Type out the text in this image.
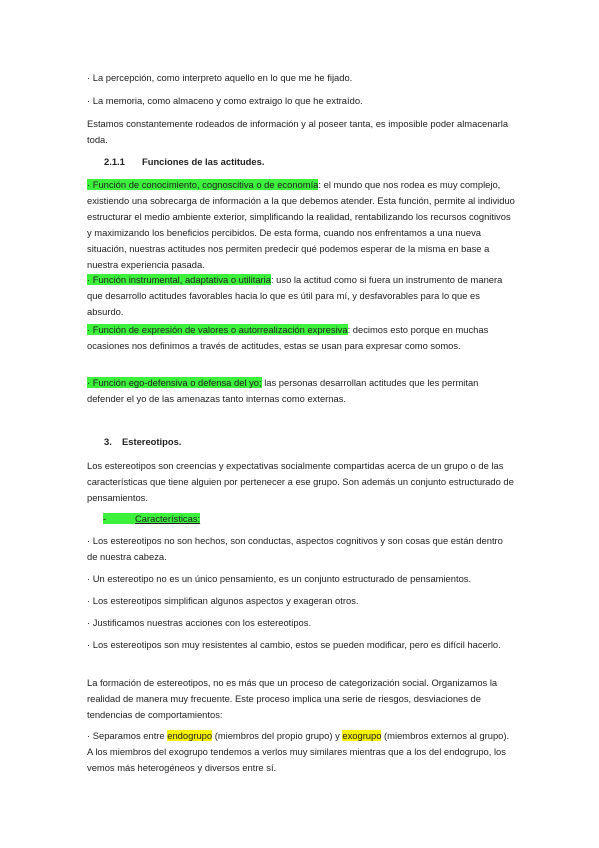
· La percepción, como interpreto aquello en lo que me he fijado.

· La memoria, como almaceno y como extraigo lo que he extraído.

Estamos constantemente rodeados de información y al poseer tanta, es imposible poder almacenarla toda.

2.1.1 Funciones de las actitudes.

· Función de conocimiento, cognoscitiva o de economía: el mundo que nos rodea es muy complejo, existiendo una sobrecarga de información a la que debemos atender. Esta función, permite al individuo estructurar el medio ambiente exterior, simplificando la realidad, rentabilizando los recursos cognitivos y maximizando los beneficios percibidos. De esta forma, cuando nos enfrentamos a una nueva situación, nuestras actitudes nos permiten predecir qué podemos esperar de la misma en base a nuestra experiencia pasada.

· Función instrumental, adaptativa o utilitaria: uso la actitud como si fuera un instrumento de manera que desarrollo actitudes favorables hacia lo que es útil para mí, y desfavorables para lo que es absurdo.

· Función de expresión de valores o autorrealización expresiva: decimos esto porque en muchas ocasiones nos definimos a través de actitudes, estas se usan para expresar como somos.

· Función ego-defensiva o defensa del yo; las personas desarrollan actitudes que les permitan defender el yo de las amenazas tanto internas como externas.

3. Estereotipos.

Los estereotipos son creencias y expectativas socialmente compartidas acerca de un grupo o de las características que tiene alguien por pertenecer a ese grupo. Son además un conjunto estructurado de pensamientos.

-	Características:

· Los estereotipos no son hechos, son conductas, aspectos cognitivos y son cosas que están dentro de nuestra cabeza.

· Un estereotipo no es un único pensamiento, es un conjunto estructurado de pensamientos.

· Los estereotipos simplifican algunos aspectos y exageran otros.

· Justificamos nuestras acciones con los estereotipos.

· Los estereotipos son muy resistentes al cambio, estos se pueden modificar, pero es difícil hacerlo.

La formación de estereotipos, no es más que un proceso de categorización social. Organizamos la realidad de manera muy frecuente. Este proceso implica una serie de riesgos, desviaciones de tendencias de comportamientos:

· Separamos entre endogrupo (miembros del propio grupo) y exogrupo (miembros externos al grupo). A los miembros del exogrupo tendemos a verlos muy similares mientras que a los del endogrupo, los vemos más heterogéneos y diversos entre sí.
